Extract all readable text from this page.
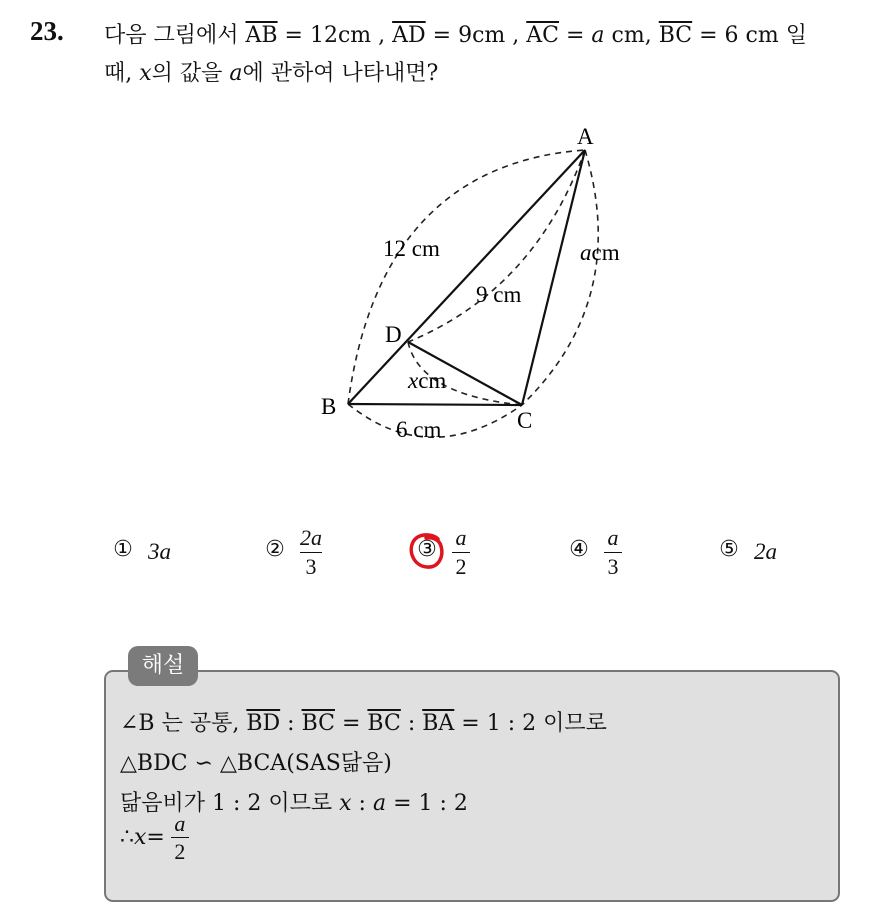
23. 다음 그림에서 $\overline{AB} = 12cm$ , $\overline{AD} = 9cm$ , $\overline{AC} = a$ cm, $\overline{BC} = 6$ cm 일
때, x의 값을 a에 관하여 나타내면?
A
B
C
D
12 cm
9 cm
acm
xcm
6 cm
① 3a	② $\frac{2a}{3}$	③ $\frac{a}{2}$	④ $\frac{a}{3}$	⑤ 2a
해설
∠B 는 공통, $\overline{BD}$ : $\overline{BC} = \overline{BC}$ : $\overline{BA} = 1$ : 2 이므로
△BDC ∽ △BCA(SAS닮음)
닮음비가 1 : 2 이므로 x : a = 1 : 2
∴ $x = \frac{a}{2}$
